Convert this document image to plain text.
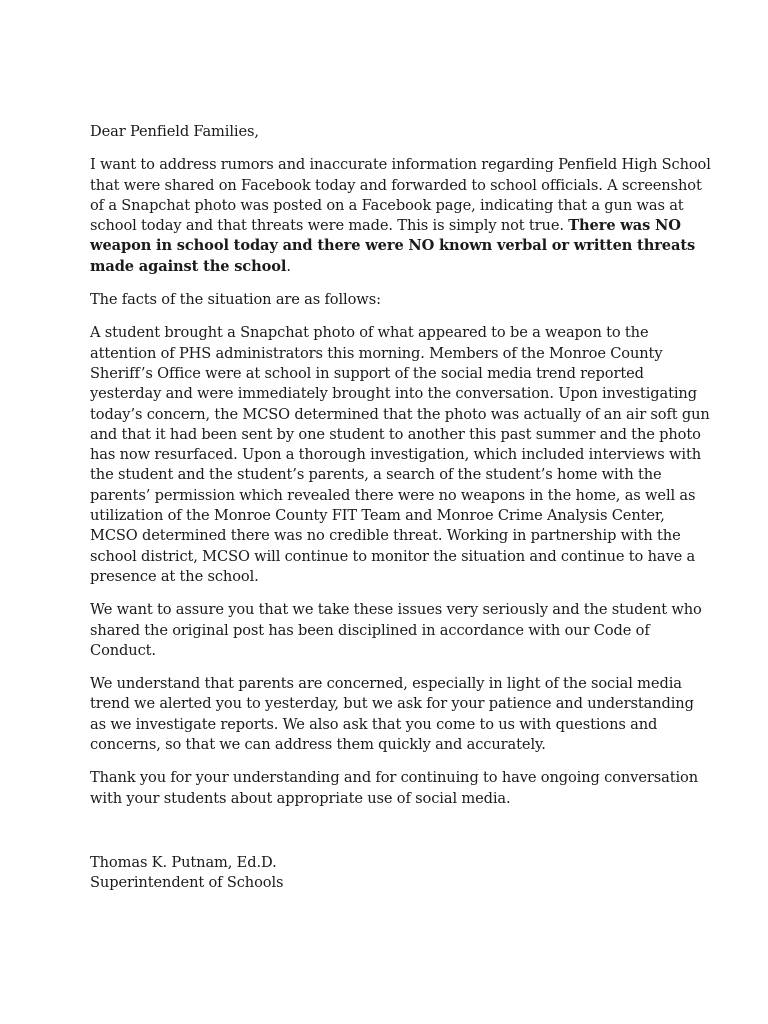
Dear Penfield Families,

I want to address rumors and inaccurate information regarding Penfield High School that were shared on Facebook today and forwarded to school officials. A screenshot of a Snapchat photo was posted on a Facebook page, indicating that a gun was at school today and that threats were made. This is simply not true. There was NO weapon in school today and there were NO known verbal or written threats made against the school.

The facts of the situation are as follows:

A student brought a Snapchat photo of what appeared to be a weapon to the attention of PHS administrators this morning. Members of the Monroe County Sheriff’s Office were at school in support of the social media trend reported yesterday and were immediately brought into the conversation. Upon investigating today’s concern, the MCSO determined that the photo was actually of an air soft gun and that it had been sent by one student to another this past summer and the photo has now resurfaced. Upon a thorough investigation, which included interviews with the student and the student’s parents, a search of the student’s home with the parents’ permission which revealed there were no weapons in the home, as well as utilization of the Monroe County FIT Team and Monroe Crime Analysis Center, MCSO determined there was no credible threat. Working in partnership with the school district, MCSO will continue to monitor the situation and continue to have a presence at the school.

We want to assure you that we take these issues very seriously and the student who shared the original post has been disciplined in accordance with our Code of Conduct.

We understand that parents are concerned, especially in light of the social media trend we alerted you to yesterday, but we ask for your patience and understanding as we investigate reports. We also ask that you come to us with questions and concerns, so that we can address them quickly and accurately.

Thank you for your understanding and for continuing to have ongoing conversation with your students about appropriate use of social media.

Thomas K. Putnam, Ed.D.
Superintendent of Schools
